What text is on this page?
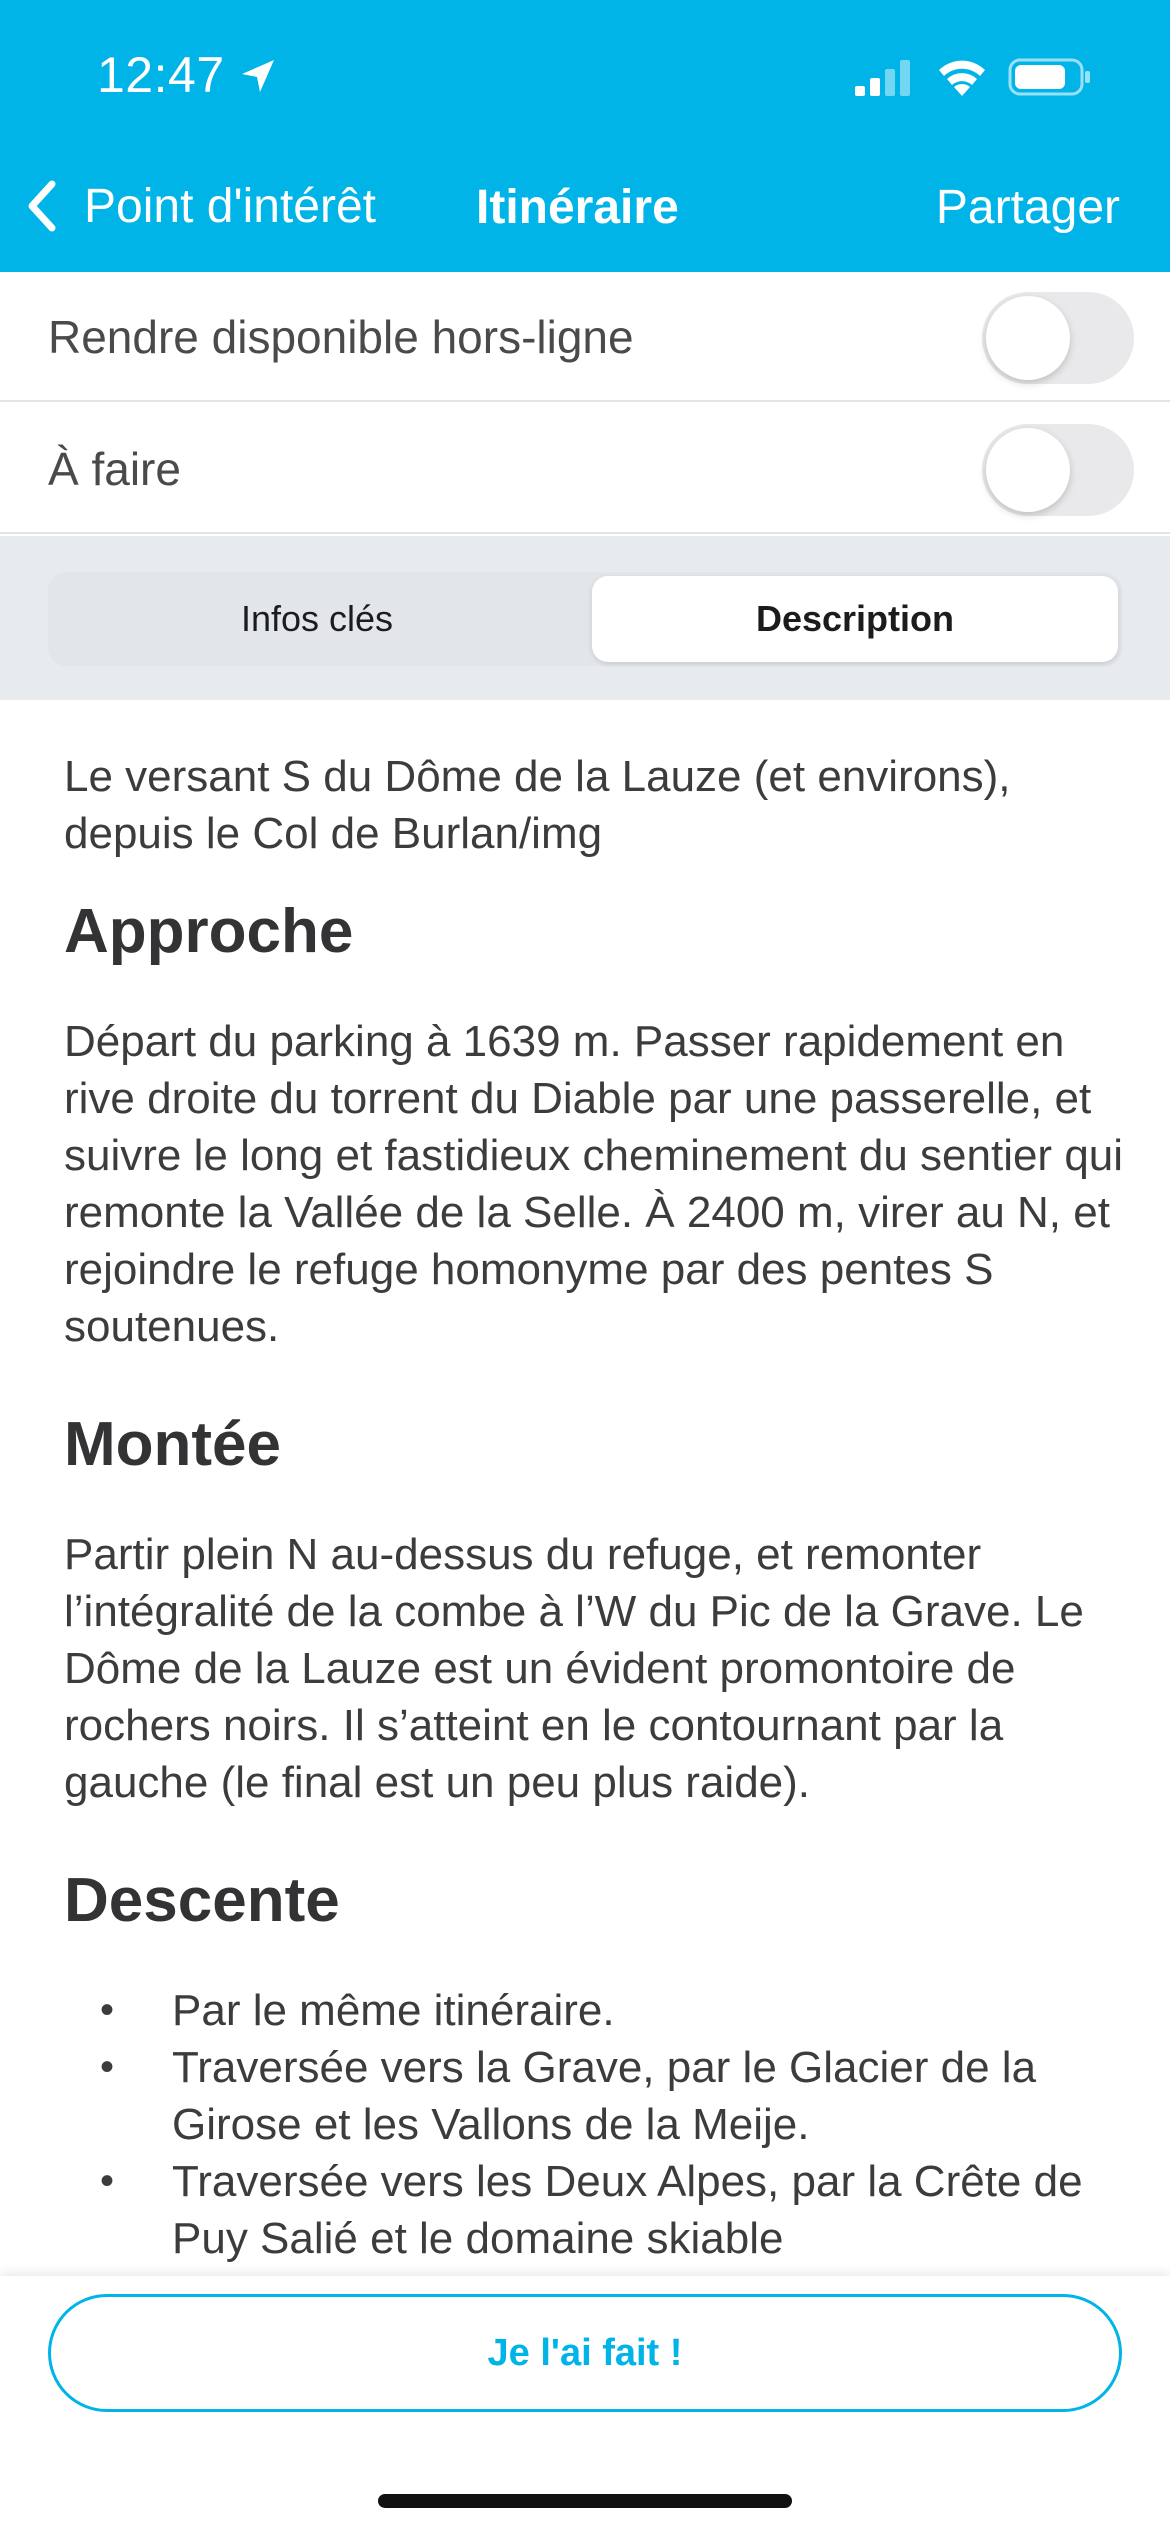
12:47
Point d'intérêt Itinéraire	Partager
Rendre disponible hors-ligne
À faire
Infos clés	Description

Le versant S du Dôme de la Lauze (et environs), depuis le Col de Burlan/img

Approche

Départ du parking à 1639 m. Passer rapidement en rive droite du torrent du Diable par une passerelle, et suivre le long et fastidieux cheminement du sentier qui remonte la Vallée de la Selle. À 2400 m, virer au N, et rejoindre le refuge homonyme par des pentes S soutenues.

Montée

Partir plein N au-dessus du refuge, et remonter l’intégralité de la combe à l’W du Pic de la Grave. Le Dôme de la Lauze est un évident promontoire de rochers noirs. Il s’atteint en le contournant par la gauche (le final est un peu plus raide).

Descente
• Par le même itinéraire.
• Traversée vers la Grave, par le Glacier de la Girose et les Vallons de la Meije.
• Traversée vers les Deux Alpes, par la Crête de Puy Salié et le domaine skiable
Je l'ai fait !
